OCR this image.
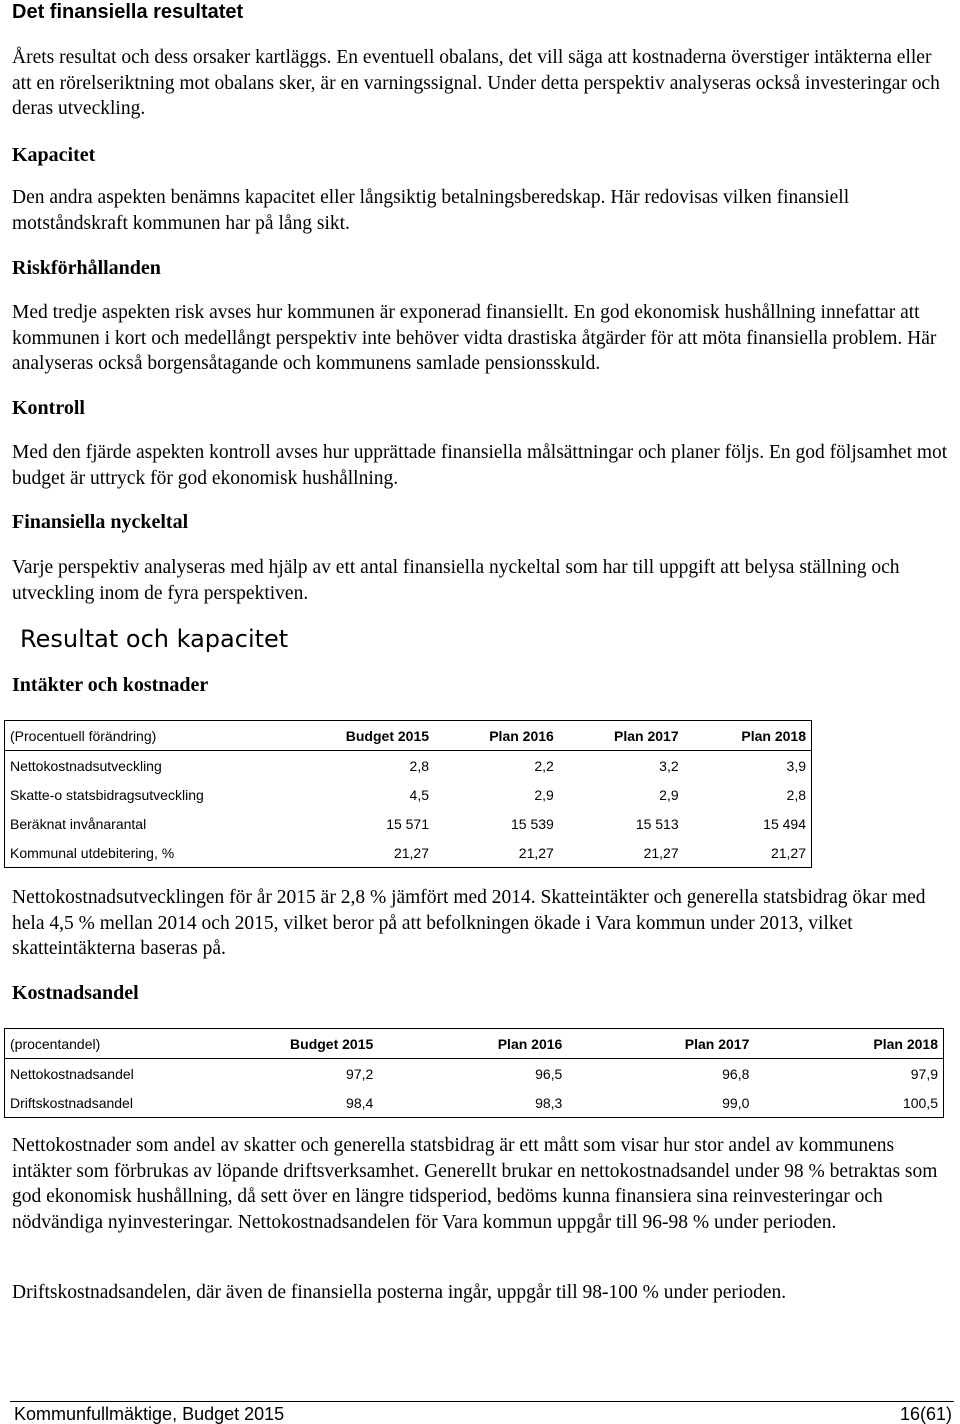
Det finansiella resultatet
Årets resultat och dess orsaker kartläggs. En eventuell obalans, det vill säga att kostnaderna överstiger intäkterna eller att en rörelseriktning mot obalans sker, är en varningssignal. Under detta perspektiv analyseras också investeringar och deras utveckling.
Kapacitet
Den andra aspekten benämns kapacitet eller långsiktig betalningsberedskap. Här redovisas vilken finansiell motståndskraft kommunen har på lång sikt.
Riskförhållanden
Med tredje aspekten risk avses hur kommunen är exponerad finansiellt. En god ekonomisk hushållning innefattar att kommunen i kort och medellångt perspektiv inte behöver vidta drastiska åtgärder för att möta finansiella problem. Här analyseras också borgensåtagande och kommunens samlade pensionsskuld.
Kontroll
Med den fjärde aspekten kontroll avses hur upprättade finansiella målsättningar och planer följs. En god följsamhet mot budget är uttryck för god ekonomisk hushållning.
Finansiella nyckeltal
Varje perspektiv analyseras med hjälp av ett antal finansiella nyckeltal som har till uppgift att belysa ställning och utveckling inom de fyra perspektiven.
Resultat och kapacitet
Intäkter och kostnader
(Procentuell förändring)	Budget 2015	Plan 2016	Plan 2017	Plan 2018
Nettokostnadsutveckling	2,8	2,2	3,2	3,9
Skatte-o statsbidragsutveckling	4,5	2,9	2,9	2,8
Beräknat invånarantal	15 571	15 539	15 513	15 494
Kommunal utdebitering, %	21,27	21,27	21,27	21,27
Nettokostnadsutvecklingen för år 2015 är 2,8 % jämfört med 2014. Skatteintäkter och generella statsbidrag ökar med hela 4,5 % mellan 2014 och 2015, vilket beror på att befolkningen ökade i Vara kommun under 2013, vilket skatteintäkterna baseras på.
Kostnadsandel
(procentandel)	Budget 2015	Plan 2016	Plan 2017	Plan 2018
Nettokostnadsandel	97,2	96,5	96,8	97,9
Driftskostnadsandel	98,4	98,3	99,0	100,5
Nettokostnader som andel av skatter och generella statsbidrag är ett mått som visar hur stor andel av kommunens intäkter som förbrukas av löpande driftsverksamhet. Generellt brukar en nettokostnadsandel under 98 % betraktas som god ekonomisk hushållning, då sett över en längre tidsperiod, bedöms kunna finansiera sina reinvesteringar och nödvändiga nyinvesteringar. Nettokostnadsandelen för Vara kommun uppgår till 96-98 % under perioden.
Driftskostnadsandelen, där även de finansiella posterna ingår, uppgår till 98-100 % under perioden.
Kommunfullmäktige, Budget 2015	16(61)
